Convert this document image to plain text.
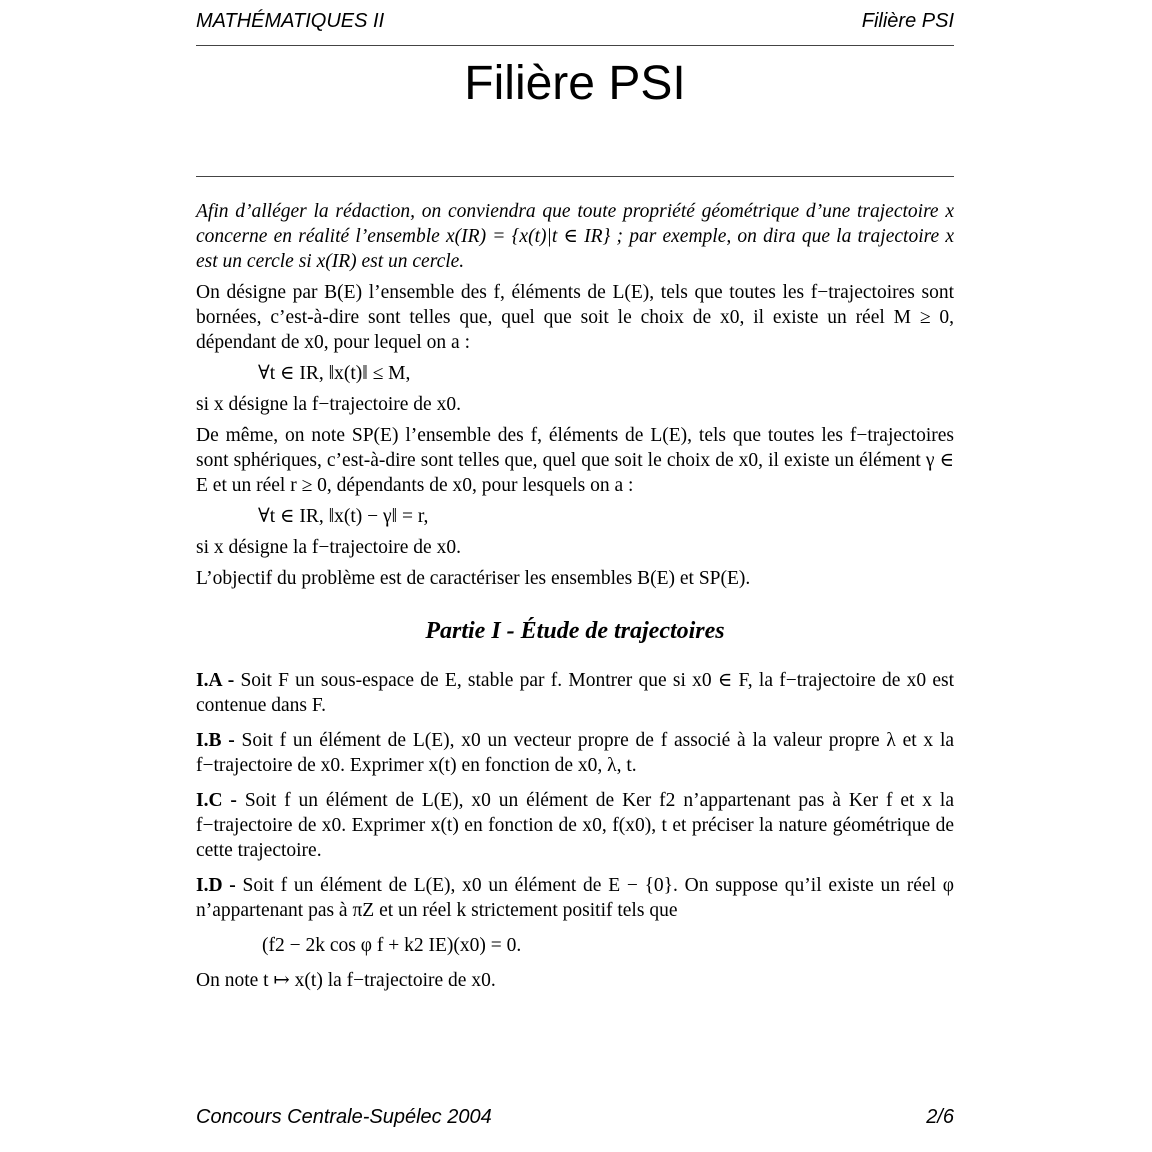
MATHÉMATIQUES II	Filière PSI
Filière PSI

Afin d’alléger la rédaction, on conviendra que toute propriété géométrique d’une trajectoire x concerne en réalité l’ensemble x(IR) = {x(t)|t ∈ IR} ; par exemple, on dira que la trajectoire x est un cercle si x(IR) est un cercle.

On désigne par B(E) l’ensemble des f, éléments de L(E), tels que toutes les f−trajectoires sont bornées, c’est-à-dire sont telles que, quel que soit le choix de x0, il existe un réel M ≥ 0, dépendant de x0, pour lequel on a :

∀t ∈ IR, ‖x(t)‖ ≤ M,

si x désigne la f−trajectoire de x0.

De même, on note SP(E) l’ensemble des f, éléments de L(E), tels que toutes les f−trajectoires sont sphériques, c’est-à-dire sont telles que, quel que soit le choix de x0, il existe un élément γ ∈ E et un réel r ≥ 0, dépendants de x0, pour lesquels on a :

∀t ∈ IR, ‖x(t) − γ‖ = r,

si x désigne la f−trajectoire de x0.

L’objectif du problème est de caractériser les ensembles B(E) et SP(E).

Partie I - Étude de trajectoires

I.A - Soit F un sous-espace de E, stable par f. Montrer que si x0 ∈ F, la f−trajectoire de x0 est contenue dans F.

I.B - Soit f un élément de L(E), x0 un vecteur propre de f associé à la valeur propre λ et x la f−trajectoire de x0. Exprimer x(t) en fonction de x0, λ, t.

I.C - Soit f un élément de L(E), x0 un élément de Ker f2 n’appartenant pas à Ker f et x la f−trajectoire de x0. Exprimer x(t) en fonction de x0, f(x0), t et préciser la nature géométrique de cette trajectoire.

I.D - Soit f un élément de L(E), x0 un élément de E − {0}. On suppose qu’il existe un réel φ n’appartenant pas à πZ et un réel k strictement positif tels que

(f2 − 2k cos φ f + k2 IE)(x0) = 0.

On note t ↦ x(t) la f−trajectoire de x0.

Concours Centrale-Supélec 2004	2/6
